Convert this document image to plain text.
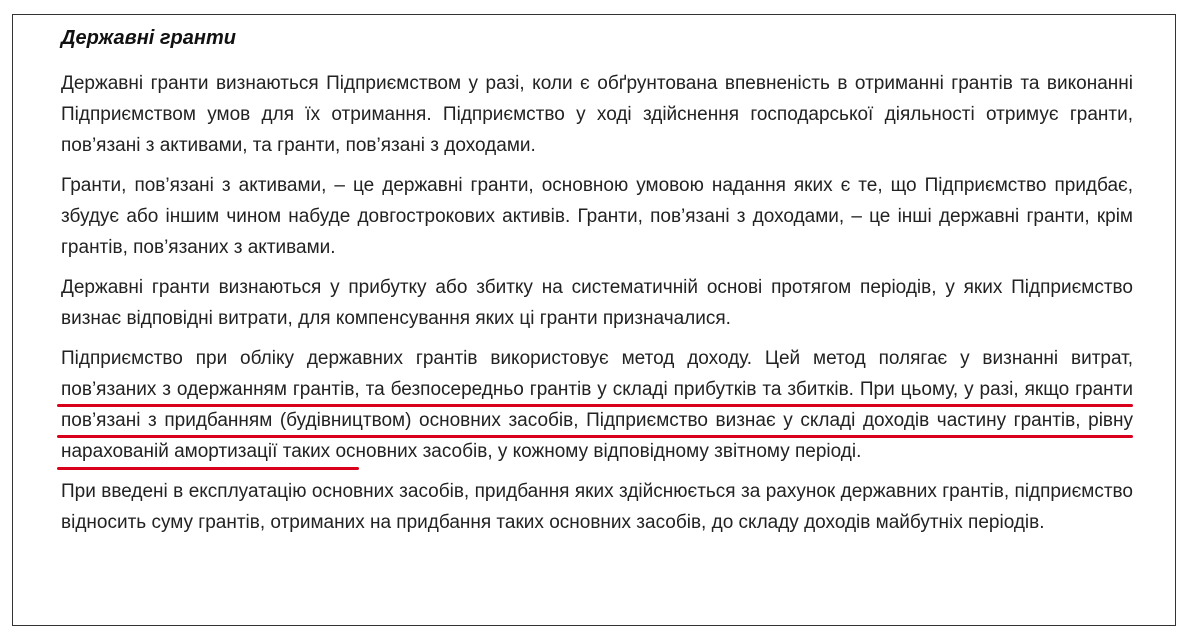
Державні гранти

Державні гранти визнаються Підприємством у разі, коли є обґрунтована впевненість в отриманні грантів та виконанні Підприємством умов для їх отримання. Підприємство у ході здійснення господарської діяльності отримує гранти, пов’язані з активами, та гранти, пов’язані з доходами.

Гранти, пов’язані з активами, – це державні гранти, основною умовою надання яких є те, що Підприємство придбає, збудує або іншим чином набуде довгострокових активів. Гранти, пов’язані з доходами, – це інші державні гранти, крім грантів, пов’язаних з активами.

Державні гранти визнаються у прибутку або збитку на систематичній основі протягом періодів, у яких Підприємство визнає відповідні витрати, для компенсування яких ці гранти призначалися.

Підприємство при обліку державних грантів використовує метод доходу. Цей метод полягає у визнанні витрат, пов’язаних з одержанням грантів, та безпосередньо грантів у складі прибутків та збитків. При цьому, у разі, якщо гранти пов’язані з придбанням (будівництвом) основних засобів, Підприємство визнає у складі доходів частину грантів, рівну нарахованій амортизації таких основних засобів, у кожному відповідному звітному періоді.

При введені в експлуатацію основних засобів, придбання яких здійснюється за рахунок державних грантів, підприємство відносить суму грантів, отриманих на придбання таких основних засобів, до складу доходів майбутніх періодів.
